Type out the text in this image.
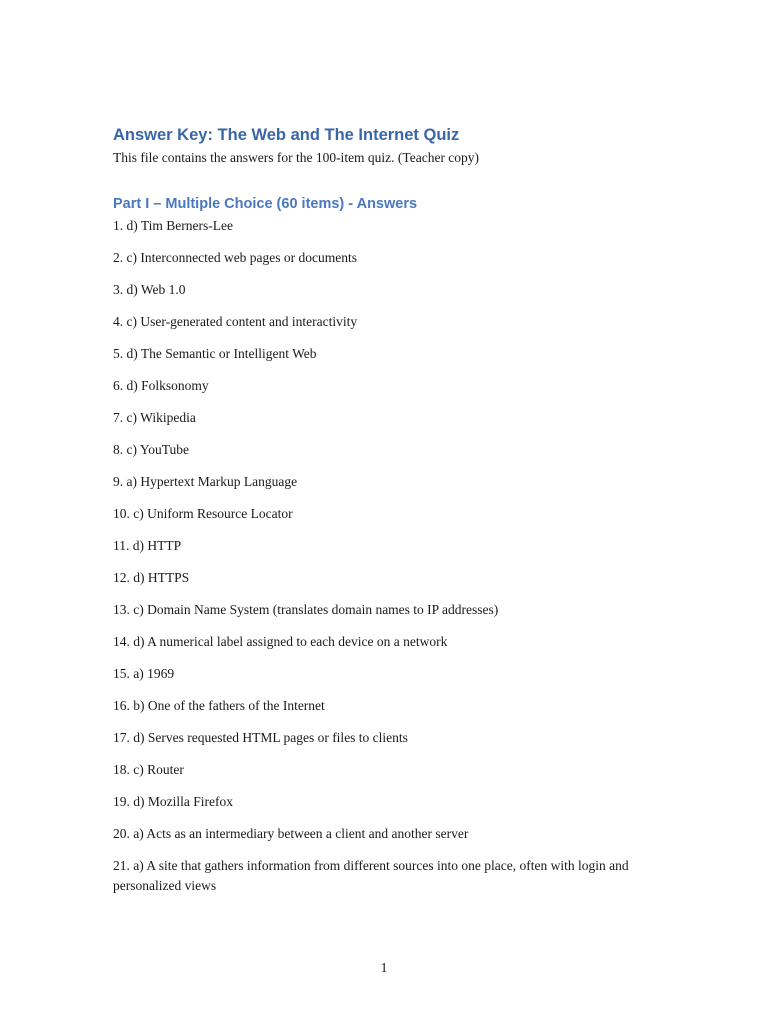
Answer Key: The Web and The Internet Quiz

This file contains the answers for the 100-item quiz. (Teacher copy)

Part I – Multiple Choice (60 items) - Answers
1. d) Tim Berners-Lee
2. c) Interconnected web pages or documents
3. d) Web 1.0
4. c) User-generated content and interactivity
5. d) The Semantic or Intelligent Web
6. d) Folksonomy
7. c) Wikipedia
8. c) YouTube
9. a) Hypertext Markup Language
10. c) Uniform Resource Locator
11. d) HTTP
12. d) HTTPS
13. c) Domain Name System (translates domain names to IP addresses)
14. d) A numerical label assigned to each device on a network
15. a) 1969
16. b) One of the fathers of the Internet
17. d) Serves requested HTML pages or files to clients
18. c) Router
19. d) Mozilla Firefox
20. a) Acts as an intermediary between a client and another server
21. a) A site that gathers information from different sources into one place, often with login and personalized views
1
